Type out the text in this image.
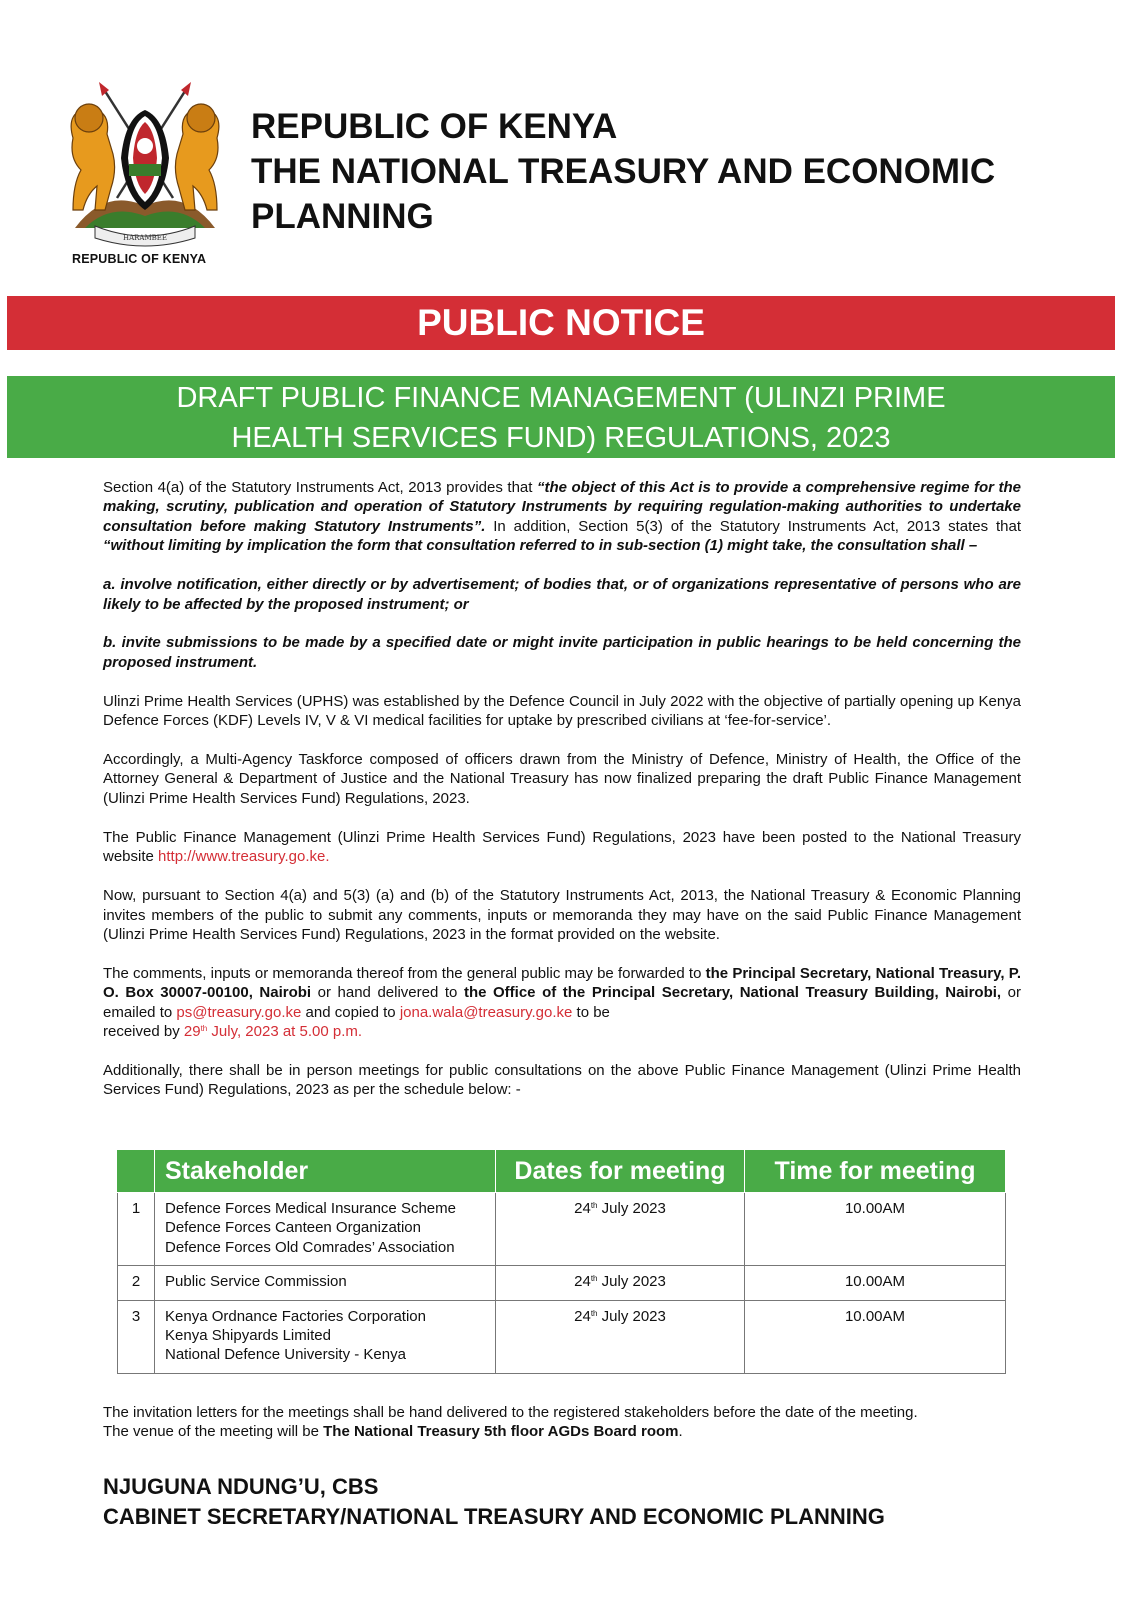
HARAMBEE
REPUBLIC OF KENYA
REPUBLIC OF KENYA
THE NATIONAL TREASURY AND ECONOMIC
PLANNING
PUBLIC NOTICE
DRAFT PUBLIC FINANCE MANAGEMENT (ULINZI PRIME
HEALTH SERVICES FUND) REGULATIONS, 2023

Section 4(a) of the Statutory Instruments Act, 2013 provides that “the object of this Act is to provide a comprehensive regime for the making, scrutiny, publication and operation of Statutory Instruments by requiring regulation-making authorities to undertake consultation before making Statutory Instruments”. In addition, Section 5(3) of the Statutory Instruments Act, 2013 states that “without limiting by implication the form that consultation referred to in sub-section (1) might take, the consultation shall –

a. involve notification, either directly or by advertisement; of bodies that, or of organizations representative of persons who are likely to be affected by the proposed instrument; or

b. invite submissions to be made by a specified date or might invite participation in public hearings to be held concerning the proposed instrument.

Ulinzi Prime Health Services (UPHS) was established by the Defence Council in July 2022 with the objective of partially opening up Kenya Defence Forces (KDF) Levels IV, V & VI medical facilities for uptake by prescribed civilians at ‘fee-for-service’.

Accordingly, a Multi-Agency Taskforce composed of officers drawn from the Ministry of Defence, Ministry of Health, the Office of the Attorney General & Department of Justice and the National Treasury has now finalized preparing the draft Public Finance Management (Ulinzi Prime Health Services Fund) Regulations, 2023.

The Public Finance Management (Ulinzi Prime Health Services Fund) Regulations, 2023 have been posted to the National Treasury website http://www.treasury.go.ke.

Now, pursuant to Section 4(a) and 5(3) (a) and (b) of the Statutory Instruments Act, 2013, the National Treasury & Economic Planning invites members of the public to submit any comments, inputs or memoranda they may have on the said Public Finance Management (Ulinzi Prime Health Services Fund) Regulations, 2023 in the format provided on the website.

The comments, inputs or memoranda thereof from the general public may be forwarded to the Principal Secretary, National Treasury, P. O. Box 30007-00100, Nairobi or hand delivered to the Office of the Principal Secretary, National Treasury Building, Nairobi, or emailed to ps@treasury.go.ke and copied to jona.wala@treasury.go.ke to be
received by 29th July, 2023 at 5.00 p.m.

Additionally, there shall be in person meetings for public consultations on the above Public Finance Management (Ulinzi Prime Health Services Fund) Regulations, 2023 as per the schedule below: -

	Stakeholder	Dates for meeting	Time for meeting
1	Defence Forces Medical Insurance Scheme
Defence Forces Canteen Organization
Defence Forces Old Comrades’ Association	24th July 2023	10.00AM
2	Public Service Commission	24th July 2023	10.00AM
3	Kenya Ordnance Factories Corporation
Kenya Shipyards Limited
National Defence University - Kenya	24th July 2023	10.00AM
The invitation letters for the meetings shall be hand delivered to the registered stakeholders before the date of the meeting.
The venue of the meeting will be The National Treasury 5th floor AGDs Board room.
NJUGUNA NDUNG’U, CBS
CABINET SECRETARY/NATIONAL TREASURY AND ECONOMIC PLANNING
